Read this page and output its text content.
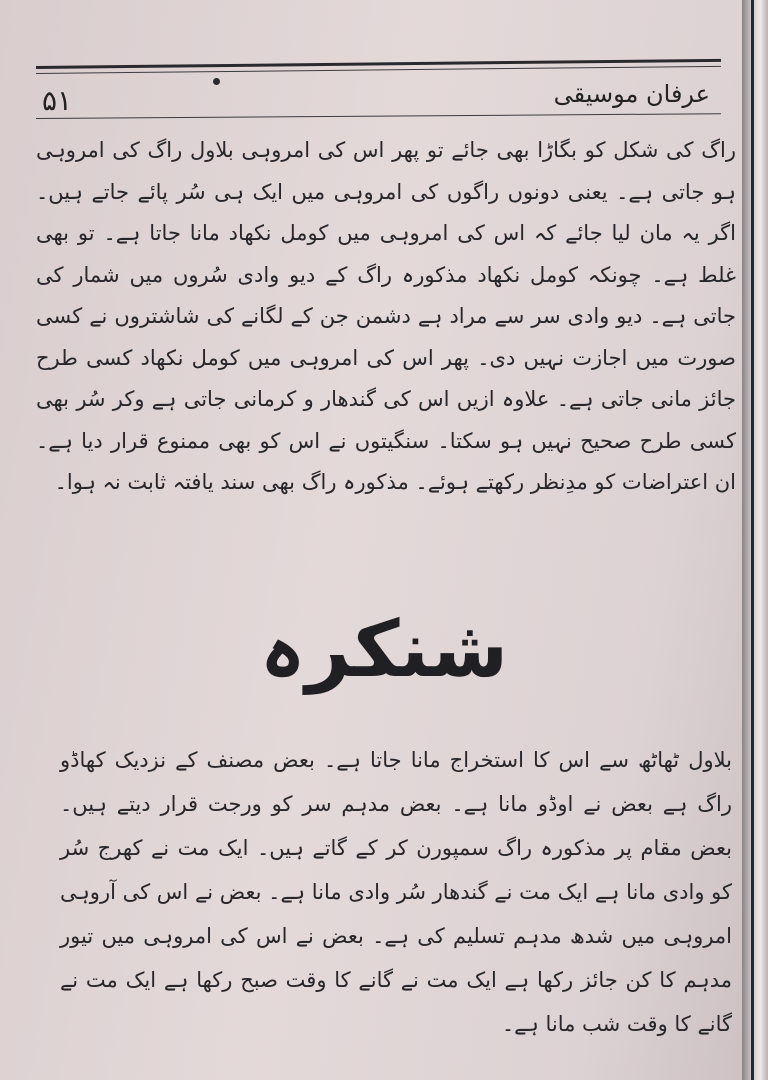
۵۱	عرفان موسیقی
راگ کی شکل کو بگاڑا بھی جائے تو پھر اس کی امروہی بلاول راگ کی امروہی ہو جاتی ہے۔ یعنی دونوں راگوں کی امروہی میں ایک ہی سُر پائے جاتے ہیں۔ اگر یہ مان لیا جائے کہ اس کی امروہی میں کومل نکھاد مانا جاتا ہے۔ تو بھی غلط ہے۔ چونکہ کومل نکھاد مذکورہ راگ کے دیو وادی سُروں میں شمار کی جاتی ہے۔ دیو وادی سر سے مراد ہے دشمن جن کے لگانے کی شاشتروں نے کسی صورت میں اجازت نہیں دی۔ پھر اس کی امروہی میں کومل نکھاد کسی طرح جائز مانی جاتی ہے۔ علاوہ ازیں اس کی گندھار و کرمانی جاتی ہے وکر سُر بھی کسی طرح صحیح نہیں ہو سکتا۔ سنگیتوں نے اس کو بھی ممنوع قرار دیا ہے۔ ان اعتراضات کو مدِنظر رکھتے ہوئے۔ مذکورہ راگ بھی سند یافتہ ثابت نہ ہوا۔
شنکرہ
بلاول ٹھاٹھ سے اس کا استخراج مانا جاتا ہے۔ بعض مصنف کے نزدیک کھاڈو راگ ہے بعض نے اوڈو مانا ہے۔ بعض مدہم سر کو ورجت قرار دیتے ہیں۔ بعض مقام پر مذکورہ راگ سمپورن کر کے گاتے ہیں۔ ایک مت نے کھرج سُر کو وادی مانا ہے ایک مت نے گندھار سُر وادی مانا ہے۔ بعض نے اس کی آروہی امروہی میں شدھ مدہم تسلیم کی ہے۔ بعض نے اس کی امروہی میں تیور مدہم کا کن جائز رکھا ہے ایک مت نے گانے کا وقت صبح رکھا ہے ایک مت نے گانے کا وقت شب مانا ہے۔
